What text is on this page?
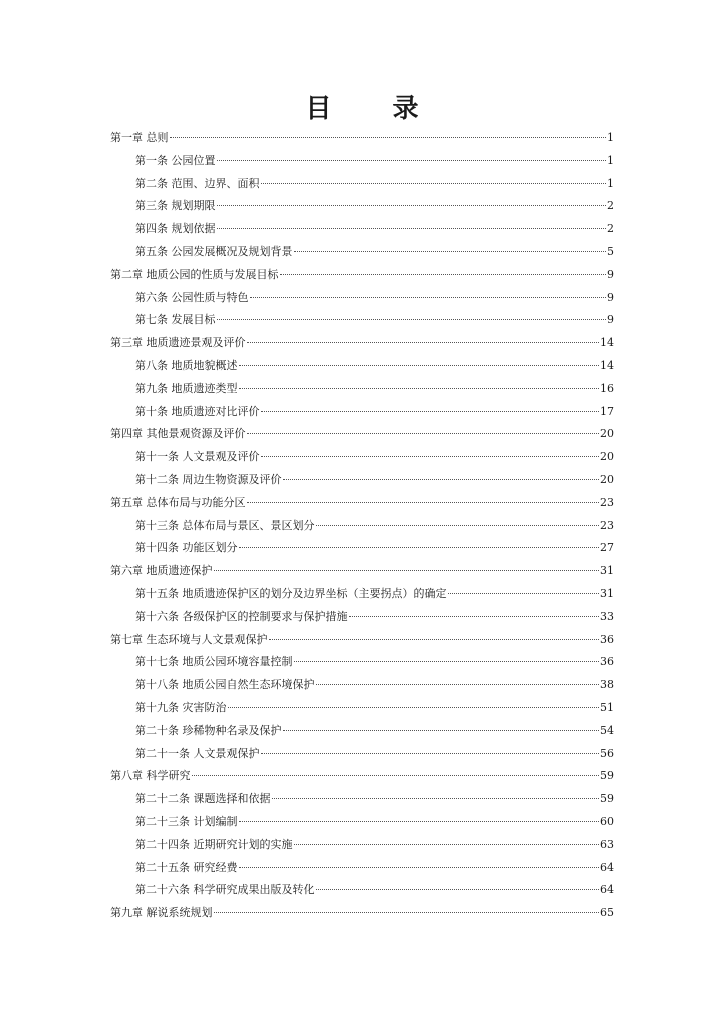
目 录
第一章 总则	1
第一条 公园位置	1
第二条 范围、边界、面积	1
第三条 规划期限	2
第四条 规划依据	2
第五条 公园发展概况及规划背景	5
第二章 地质公园的性质与发展目标	9
第六条 公园性质与特色	9
第七条 发展目标	9
第三章 地质遗迹景观及评价	14
第八条 地质地貌概述	14
第九条 地质遗迹类型	16
第十条 地质遗迹对比评价	17
第四章 其他景观资源及评价	20
第十一条 人文景观及评价	20
第十二条 周边生物资源及评价	20
第五章 总体布局与功能分区	23
第十三条 总体布局与景区、景区划分	23
第十四条 功能区划分	27
第六章 地质遗迹保护	31
第十五条 地质遗迹保护区的划分及边界坐标（主要拐点）的确定	31
第十六条 各级保护区的控制要求与保护措施	33
第七章 生态环境与人文景观保护	36
第十七条 地质公园环境容量控制	36
第十八条 地质公园自然生态环境保护	38
第十九条 灾害防治	51
第二十条 珍稀物种名录及保护	54
第二十一条 人文景观保护	56
第八章 科学研究	59
第二十二条 课题选择和依据	59
第二十三条 计划编制	60
第二十四条 近期研究计划的实施	63
第二十五条 研究经费	64
第二十六条 科学研究成果出版及转化	64
第九章 解说系统规划	65
